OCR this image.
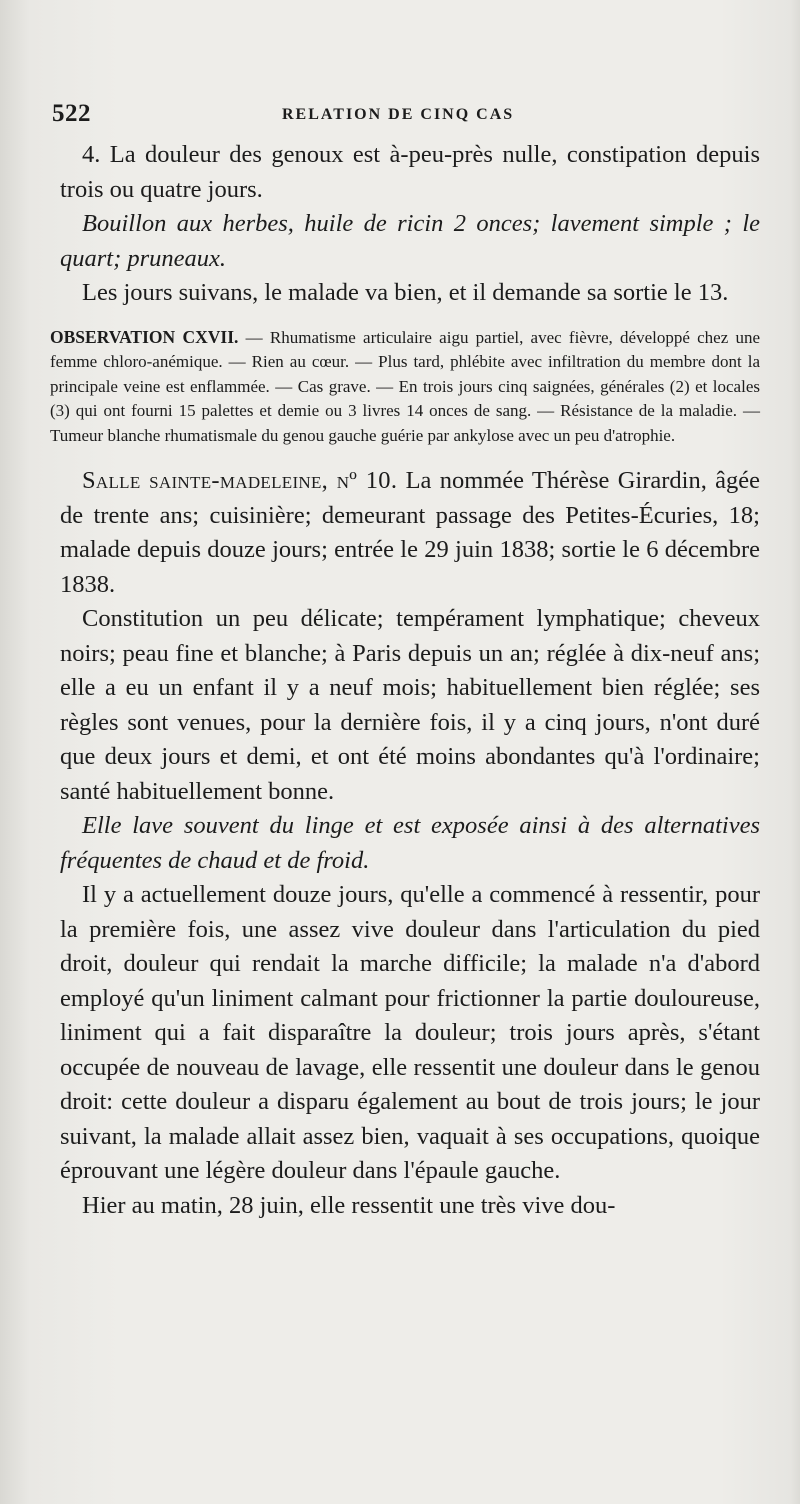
522	RELATION DE CINQ CAS

4. La douleur des genoux est à-peu-près nulle, constipation depuis trois ou quatre jours.

Bouillon aux herbes, huile de ricin 2 onces; lavement simple ; le quart; pruneaux.

Les jours suivans, le malade va bien, et il demande sa sortie le 13.

OBSERVATION CXVII. — Rhumatisme articulaire aigu partiel, avec fièvre, développé chez une femme chloro-anémique. — Rien au cœur. — Plus tard, phlébite avec infiltration du membre dont la principale veine est enflammée. — Cas grave. — En trois jours cinq saignées, générales (2) et locales (3) qui ont fourni 15 palettes et demie ou 3 livres 14 onces de sang. — Résistance de la maladie. — Tumeur blanche rhumatismale du genou gauche guérie par ankylose avec un peu d'atrophie.

Salle sainte-madeleine, nº 10. La nommée Thérèse Girardin, âgée de trente ans; cuisinière; demeurant passage des Petites-Écuries, 18; malade depuis douze jours; entrée le 29 juin 1838; sortie le 6 décembre 1838.

Constitution un peu délicate; tempérament lymphatique; cheveux noirs; peau fine et blanche; à Paris depuis un an; réglée à dix-neuf ans; elle a eu un enfant il y a neuf mois; habituellement bien réglée; ses règles sont venues, pour la dernière fois, il y a cinq jours, n'ont duré que deux jours et demi, et ont été moins abondantes qu'à l'ordinaire; santé habituellement bonne.

Elle lave souvent du linge et est exposée ainsi à des alternatives fréquentes de chaud et de froid.

Il y a actuellement douze jours, qu'elle a commencé à ressentir, pour la première fois, une assez vive douleur dans l'articulation du pied droit, douleur qui rendait la marche difficile; la malade n'a d'abord employé qu'un liniment calmant pour frictionner la partie douloureuse, liniment qui a fait disparaître la douleur; trois jours après, s'étant occupée de nouveau de lavage, elle ressentit une douleur dans le genou droit: cette douleur a disparu également au bout de trois jours; le jour suivant, la malade allait assez bien, vaquait à ses occupations, quoique éprouvant une légère douleur dans l'épaule gauche.

Hier au matin, 28 juin, elle ressentit une très vive dou-
